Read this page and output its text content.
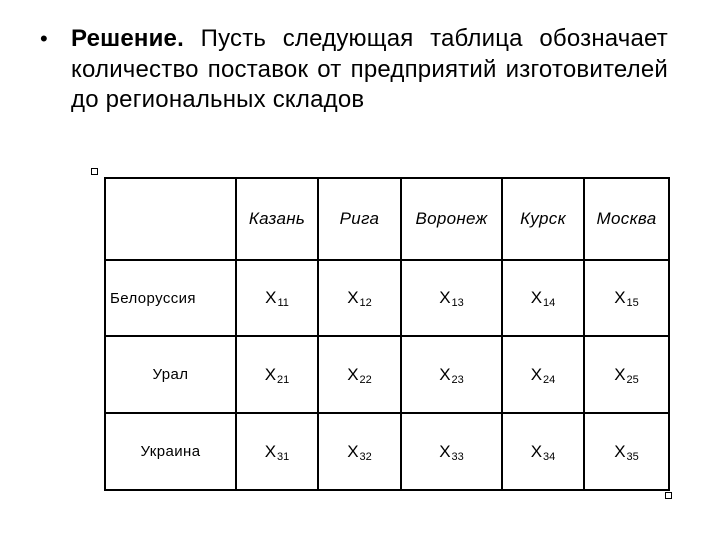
• Решение. Пусть следующая таблица обозначает количество поставок от предприятий изготовителей до региональных складов
	Казань	Рига	Воронеж	Курск	Москва
Белоруссия	X11	X12	X13	X14	X15
Урал	X21	X22	X23	X24	X25
Украина	X31	X32	X33	X34	X35
